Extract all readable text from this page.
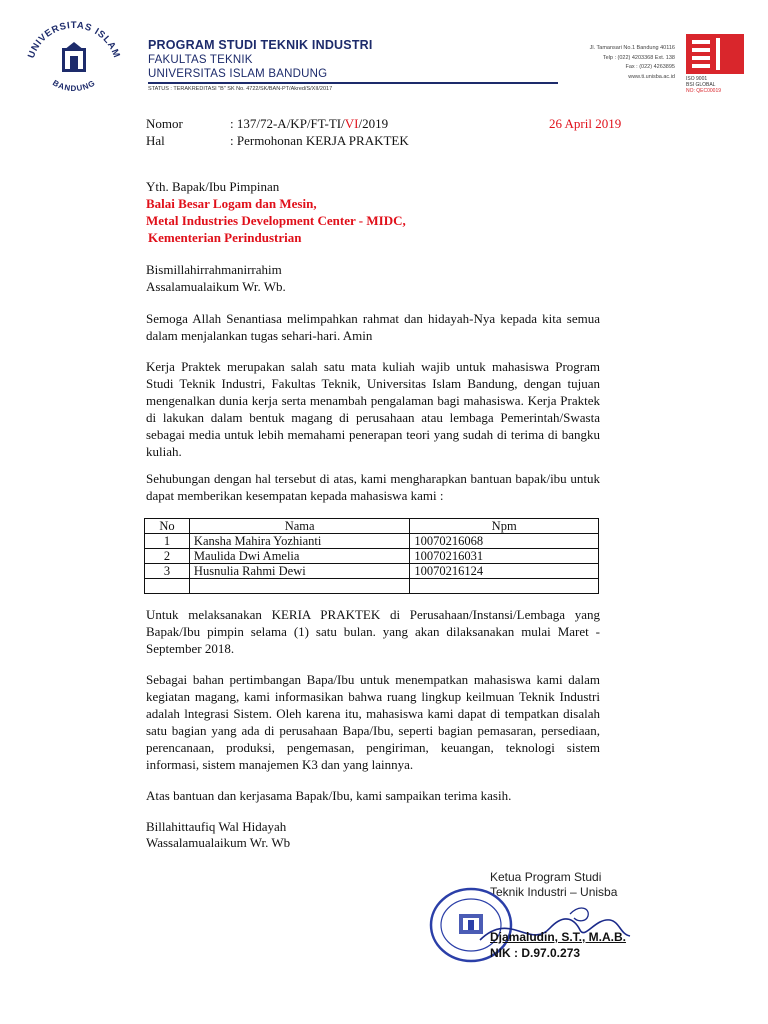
UNIVERSITAS ISLAM
BANDUNG
PROGRAM STUDI TEKNIK INDUSTRI
FAKULTAS TEKNIK
UNIVERSITAS ISLAM BANDUNG
STATUS : TERAKREDITASI "B" SK No. 4722/SK/BAN-PT/Akred/S/XII/2017
Jl. Tamansari No.1 Bandung 40116
Telp : (022) 4203368 Ext. 138
Fax : (022) 4263895
www.ti.unisba.ac.id ISO 9001
BSI GLOBAL
NO: QEC00019
Nomor	: 137/72-A/KP/FT-TI/VI/2019	26 April 2019
Hal	: Permohonan KERJA PRAKTEK
Yth. Bapak/Ibu Pimpinan
Balai Besar Logam dan Mesin,
Metal Industries Development Center - MIDC,
Kementerian Perindustrian
Bismillahirrahmanirrahim
Assalamualaikum Wr. Wb.
Semoga Allah Senantiasa melimpahkan rahmat dan hidayah-Nya kepada kita semua dalam menjalankan tugas sehari-hari. Amin
Kerja Praktek merupakan salah satu mata kuliah wajib untuk mahasiswa Program Studi Teknik Industri, Fakultas Teknik, Universitas Islam Bandung, dengan tujuan mengenalkan dunia kerja serta menambah pengalaman bagi mahasiswa. Kerja Praktek di lakukan dalam bentuk magang di perusahaan atau lembaga Pemerintah/Swasta sebagai media untuk lebih memahami penerapan teori yang sudah di terima di bangku kuliah.
Sehubungan dengan hal tersebut di atas, kami mengharapkan bantuan bapak/ibu untuk dapat memberikan kesempatan kepada mahasiswa kami :
No	Nama	Npm
1	Kansha Mahira Yozhianti	10070216068
2	Maulida Dwi Amelia	10070216031
3	Husnulia Rahmi Dewi	10070216124

Untuk melaksanakan KERIA PRAKTEK di Perusahaan/Instansi/Lembaga yang Bapak/Ibu pimpin selama (1) satu bulan. yang akan dilaksanakan mulai Maret - September 2018.
Sebagai bahan pertimbangan Bapa/Ibu untuk menempatkan mahasiswa kami dalam kegiatan magang, kami informasikan bahwa ruang lingkup keilmuan Teknik Industri adalah lntegrasi Sistem. Oleh karena itu, mahasiswa kami dapat di tempatkan disalah satu bagian yang ada di perusahaan Bapa/Ibu, seperti bagian pemasaran, persediaan, perencanaan, produksi, pengemasan, pengiriman, keuangan, teknologi sistem informasi, sistem manajemen K3 dan yang lainnya.
Atas bantuan dan kerjasama Bapak/Ibu, kami sampaikan terima kasih.
Billahittaufiq Wal Hidayah
Wassalamualaikum Wr. Wb
Ketua Program Studi
Teknik Industri – Unisba
Djamaludin, S.T., M.A.B.
NIK : D.97.0.273
